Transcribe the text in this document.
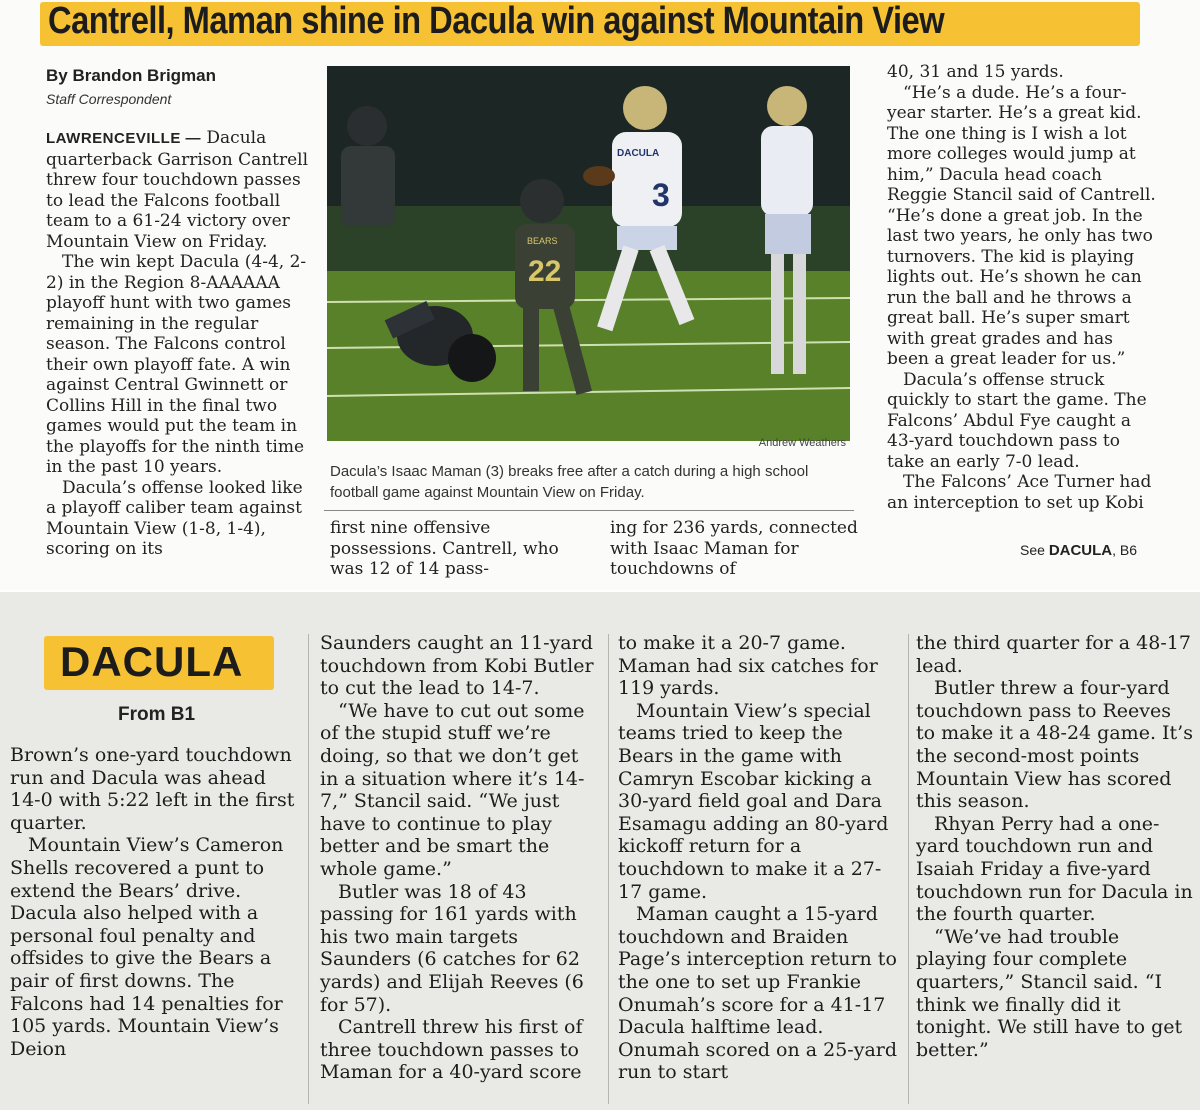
Cantrell, Maman shine in Dacula win against Mountain View
By Brandon Brigman
Staff Correspondent

LAWRENCEVILLE — Dacula quarterback Garrison Cantrell threw four touchdown passes to lead the Falcons football team to a 61-24 victory over Mountain View on Friday.

The win kept Dacula (4-4, 2-2) in the Region 8-AAAAAA playoff hunt with two games remaining in the regular season. The Falcons control their own playoff fate. A win against Central Gwinnett or Collins Hill in the final two games would put the team in the playoffs for the ninth time in the past 10 years.

Dacula’s offense looked like a playoff caliber team against Mountain View (1-8, 1-4), scoring on its

22
BEARS
DACULA
3
Andrew Weathers
Dacula’s Isaac Maman (3) breaks free after a catch during a high school football game against Mountain View on Friday.

first nine offensive possessions. Cantrell, who was 12 of 14 pass-

ing for 236 yards, connected with Isaac Maman for touchdowns of

40, 31 and 15 yards.

“He’s a dude. He’s a four-year starter. He’s a great kid. The one thing is I wish a lot more colleges would jump at him,” Dacula head coach Reggie Stancil said of Cantrell. “He’s done a great job. In the last two years, he only has two turnovers. The kid is playing lights out. He’s shown he can run the ball and he throws a great ball. He’s super smart with great grades and has been a great leader for us.”

Dacula’s offense struck quickly to start the game. The Falcons’ Abdul Fye caught a 43-yard touchdown pass to take an early 7-0 lead.

The Falcons’ Ace Turner had an interception to set up Kobi

See DACULA, B6
DACULA
From B1

Brown’s one-yard touchdown run and Dacula was ahead 14-0 with 5:22 left in the first quarter.

Mountain View’s Cameron Shells recovered a punt to extend the Bears’ drive. Dacula also helped with a personal foul penalty and offsides to give the Bears a pair of first downs. The Falcons had 14 penalties for 105 yards. Mountain View’s Deion

Saunders caught an 11-yard touchdown from Kobi Butler to cut the lead to 14-7.

“We have to cut out some of the stupid stuff we’re doing, so that we don’t get in a situation where it’s 14-7,” Stancil said. “We just have to continue to play better and be smart the whole game.”

Butler was 18 of 43 passing for 161 yards with his two main targets Saunders (6 catches for 62 yards) and Elijah Reeves (6 for 57).

Cantrell threw his first of three touchdown passes to Maman for a 40-yard score

to make it a 20-7 game. Maman had six catches for 119 yards.

Mountain View’s special teams tried to keep the Bears in the game with Camryn Escobar kicking a 30-yard field goal and Dara Esamagu adding an 80-yard kickoff return for a touchdown to make it a 27-17 game.

Maman caught a 15-yard touchdown and Braiden Page’s interception return to the one to set up Frankie Onumah’s score for a 41-17 Dacula halftime lead. Onumah scored on a 25-yard run to start

the third quarter for a 48-17 lead.

Butler threw a four-yard touchdown pass to Reeves to make it a 48-24 game. It’s the second-most points Mountain View has scored this season.

Rhyan Perry had a one-yard touchdown run and Isaiah Friday a five-yard touchdown run for Dacula in the fourth quarter.

“We’ve had trouble playing four complete quarters,” Stancil said. “I think we finally did it tonight. We still have to get better.”
